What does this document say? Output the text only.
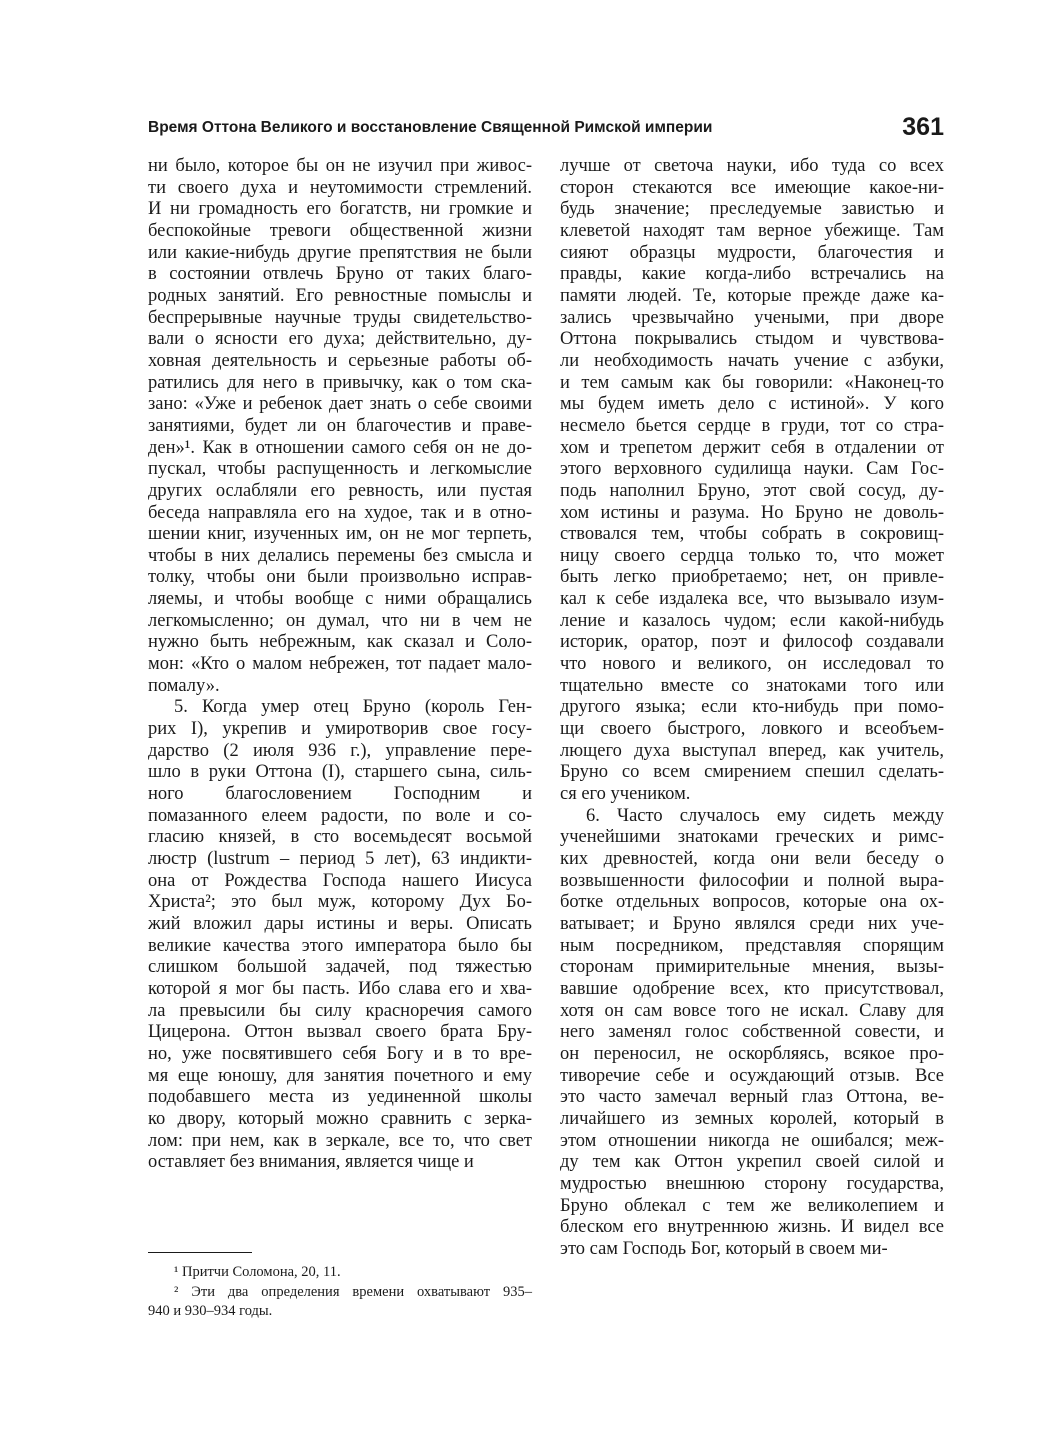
Время Оттона Великого и восстановление Священной Римской империи	361
ни было, которое бы он не изучил при живос-
ти своего духа и неутомимости стремлений.
И ни громадность его богатств, ни громкие и
беспокойные тревоги общественной жизни
или какие-нибудь другие препятствия не были
в состоянии отвлечь Бруно от таких благо-
родных занятий. Его ревностные помыслы и
беспрерывные научные труды свидетельство-
вали о ясности его духа; действительно, ду-
ховная деятельность и серьезные работы об-
ратились для него в привычку, как о том ска-
зано: «Уже и ребенок дает знать о себе своими
занятиями, будет ли он благочестив и праве-
ден»¹. Как в отношении самого себя он не до-
пускал, чтобы распущенность и легкомыслие
других ослабляли его ревность, или пустая
беседа направляла его на худое, так и в отно-
шении книг, изученных им, он не мог терпеть,
чтобы в них делались перемены без смысла и
толку, чтобы они были произвольно исправ-
ляемы, и чтобы вообще с ними обращались
легкомысленно; он думал, что ни в чем не
нужно быть небрежным, как сказал и Соло-
мон: «Кто о малом небрежен, тот падает мало-
помалу».
5. Когда умер отец Бруно (король Ген-
рих I), укрепив и умиротворив свое госу-
дарство (2 июля 936 г.), управление пере-
шло в руки Оттона (I), старшего сына, силь-
ного благословением Господним и
помазанного елеем радости, по воле и со-
гласию князей, в сто восемьдесят восьмой
люстр (lustrum – период 5 лет), 63 индикти-
она от Рождества Господа нашего Иисуса
Христа²; это был муж, которому Дух Бо-
жий вложил дары истины и веры. Описать
великие качества этого императора было бы
слишком большой задачей, под тяжестью
которой я мог бы пасть. Ибо слава его и хва-
ла превысили бы силу красноречия самого
Цицерона. Оттон вызвал своего брата Бру-
но, уже посвятившего себя Богу и в то вре-
мя еще юношу, для занятия почетного и ему
подобавшего места из уединенной школы
ко двору, который можно сравнить с зерка-
лом: при нем, как в зеркале, все то, что свет
оставляет без внимания, является чище и
лучше от светоча науки, ибо туда со всех
сторон стекаются все имеющие какое-ни-
будь значение; преследуемые завистью и
клеветой находят там верное убежище. Там
сияют образцы мудрости, благочестия и
правды, какие когда-либо встречались на
памяти людей. Те, которые прежде даже ка-
зались чрезвычайно учеными, при дворе
Оттона покрывались стыдом и чувствова-
ли необходимость начать учение с азбуки,
и тем самым как бы говорили: «Наконец-то
мы будем иметь дело с истиной». У кого
несмело бьется сердце в груди, тот со стра-
хом и трепетом держит себя в отдалении от
этого верховного судилища науки. Сам Гос-
подь наполнил Бруно, этот свой сосуд, ду-
хом истины и разума. Но Бруно не доволь-
ствовался тем, чтобы собрать в сокровищ-
ницу своего сердца только то, что может
быть легко приобретаемо; нет, он привле-
кал к себе издалека все, что вызывало изум-
ление и казалось чудом; если какой-нибудь
историк, оратор, поэт и философ создавали
что нового и великого, он исследовал то
тщательно вместе со знатоками того или
другого языка; если кто-нибудь при помо-
щи своего быстрого, ловкого и всеобъем-
лющего духа выступал вперед, как учитель,
Бруно со всем смирением спешил сделать-
ся его учеником.
6. Часто случалось ему сидеть между
ученейшими знатоками греческих и римс-
ких древностей, когда они вели беседу о
возвышенности философии и полной выра-
ботке отдельных вопросов, которые она ох-
ватывает; и Бруно являлся среди них уче-
ным посредником, представляя спорящим
сторонам примирительные мнения, вызы-
вавшие одобрение всех, кто присутствовал,
хотя он сам вовсе того не искал. Славу для
него заменял голос собственной совести, и
он переносил, не оскорбляясь, всякое про-
тиворечие себе и осуждающий отзыв. Все
это часто замечал верный глаз Оттона, ве-
личайшего из земных королей, который в
этом отношении никогда не ошибался; меж-
ду тем как Оттон укрепил своей силой и
мудростью внешнюю сторону государства,
Бруно облекал с тем же великолепием и
блеском его внутреннюю жизнь. И видел все
это сам Господь Бог, который в своем ми-
¹ Притчи Соломона, 20, 11.
² Эти два определения времени охватывают 935–
940 и 930–934 годы.
